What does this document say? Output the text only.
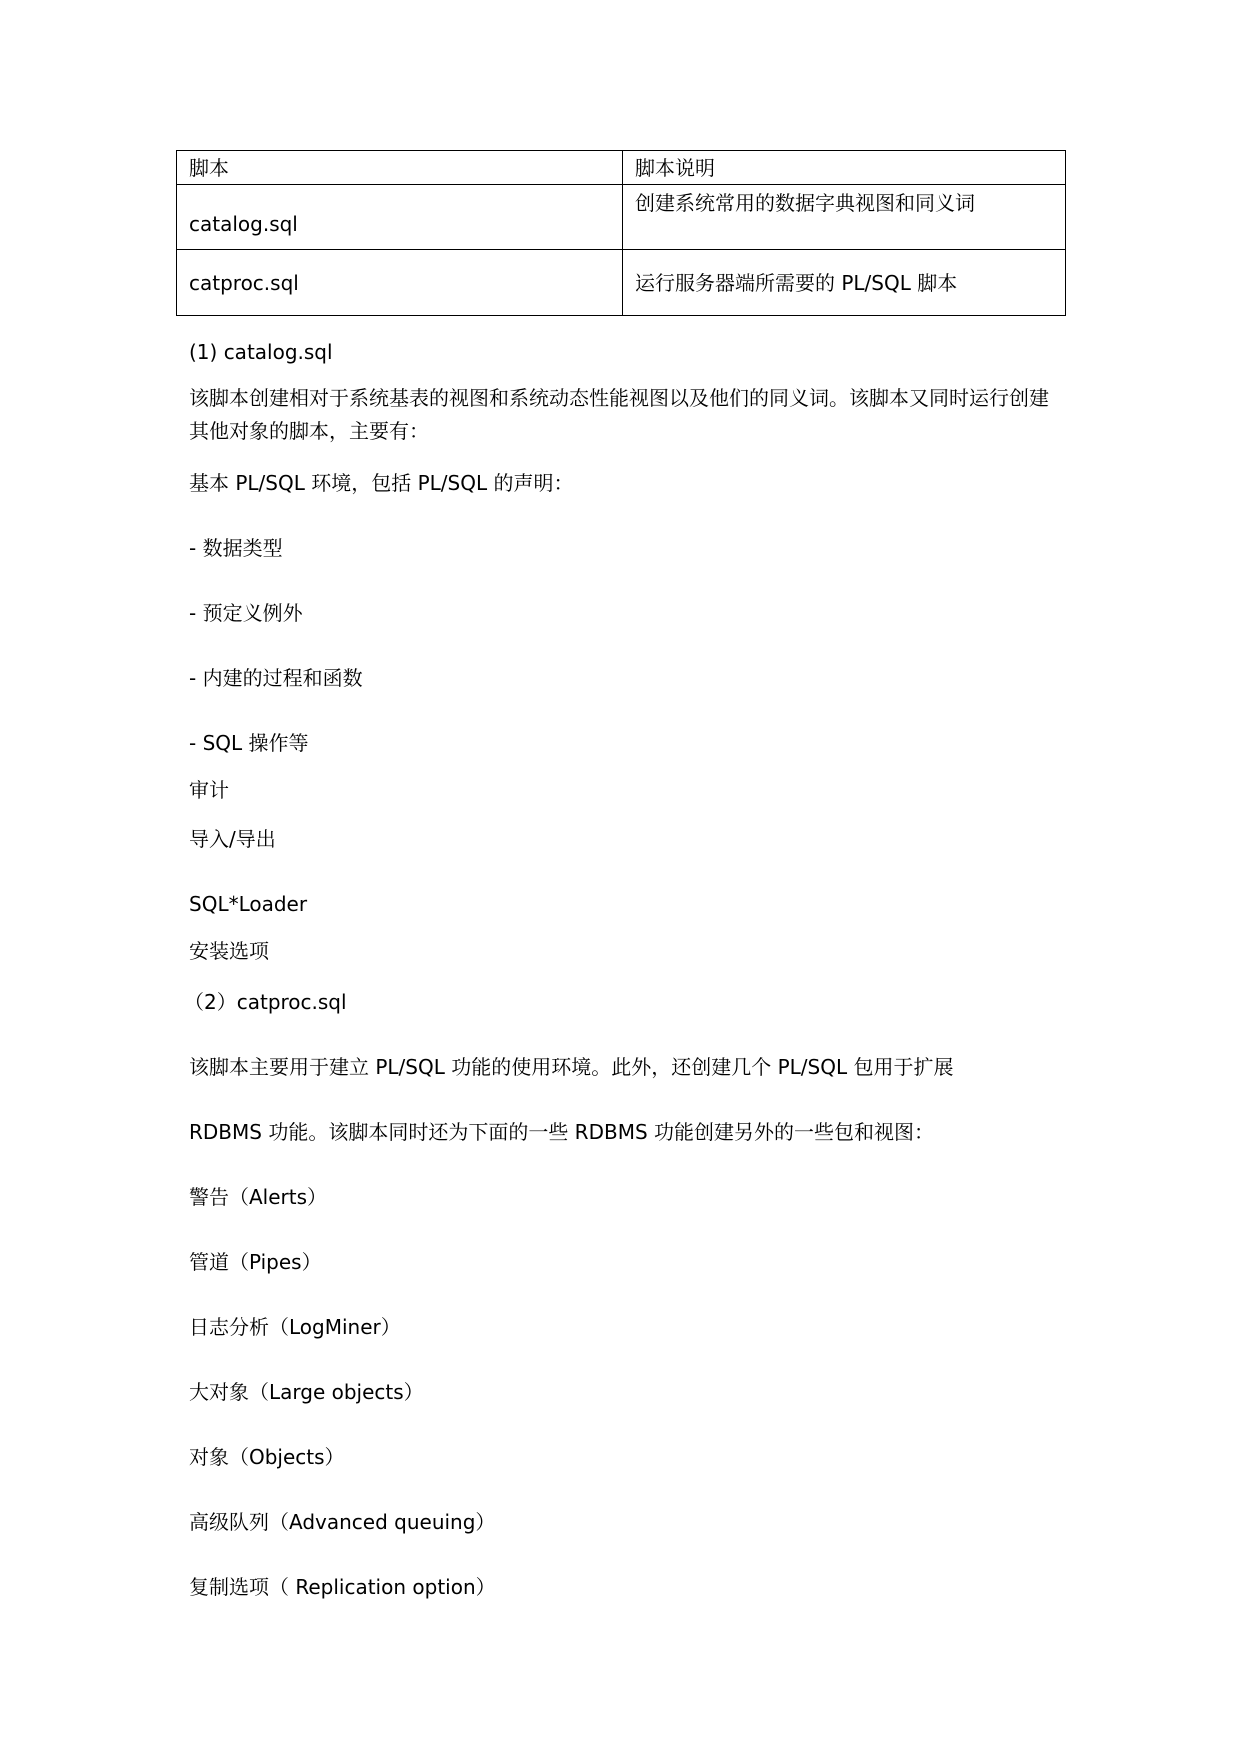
脚本	脚本说明
catalog.sql	创建系统常用的数据字典视图和同义词
catproc.sql	运行服务器端所需要的 PL/SQL 脚本
(1) catalog.sql
该脚本创建相对于系统基表的视图和系统动态性能视图以及他们的同义词。该脚本又同时运行创建其他对象的脚本，主要有：
基本 PL/SQL 环境，包括 PL/SQL 的声明：
- 数据类型
- 预定义例外
- 内建的过程和函数
- SQL 操作等
审计
导入/导出
SQL*Loader
安装选项
（2）catproc.sql
该脚本主要用于建立 PL/SQL 功能的使用环境。此外，还创建几个 PL/SQL 包用于扩展
RDBMS 功能。该脚本同时还为下面的一些 RDBMS 功能创建另外的一些包和视图：
警告（Alerts）
管道（Pipes）
日志分析（LogMiner）
大对象（Large objects）
对象（Objects）
高级队列（Advanced queuing）
复制选项（ Replication option）
